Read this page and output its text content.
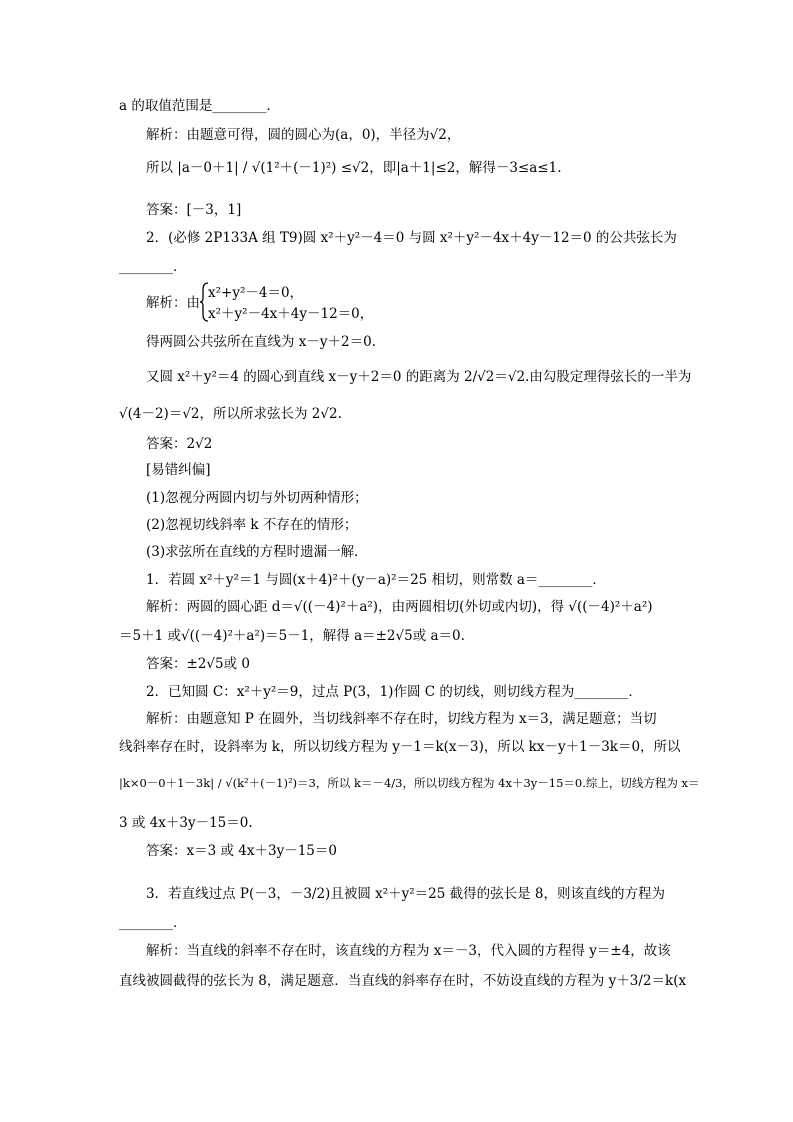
a 的取值范围是________．
解析：由题意可得，圆的圆心为(a，0)，半径为√2，
所以 |a－0＋1| / √(1²＋(－1)²) ≤√2，即|a＋1|≤2，解得－3≤a≤1.
答案：[－3，1]
2．(必修 2P133A 组 T9)圆 x²＋y²－4＝0 与圆 x²＋y²－4x＋4y－12＝0 的公共弦长为
________．
x²+y²－4＝0，
解析：由
x²＋y²－4x＋4y－12＝0，
得两圆公共弦所在直线为 x－y＋2＝0.
又圆 x²＋y²＝4 的圆心到直线 x－y＋2＝0 的距离为 2/√2＝√2.由勾股定理得弦长的一半为
√(4－2)＝√2，所以所求弦长为 2√2.
答案：2√2
[易错纠偏]
(1)忽视分两圆内切与外切两种情形；
(2)忽视切线斜率 k 不存在的情形；
(3)求弦所在直线的方程时遗漏一解．
1．若圆 x²＋y²＝1 与圆(x＋4)²＋(y－a)²＝25 相切，则常数 a＝________．
解析：两圆的圆心距 d＝√((－4)²＋a²)，由两圆相切(外切或内切)，得 √((－4)²＋a²)
＝5＋1 或√((－4)²＋a²)＝5－1，解得 a＝±2√5或 a＝0.
答案：±2√5或 0
2．已知圆 C：x²＋y²＝9，过点 P(3，1)作圆 C 的切线，则切线方程为________．
解析：由题意知 P 在圆外，当切线斜率不存在时，切线方程为 x＝3，满足题意；当切
线斜率存在时，设斜率为 k，所以切线方程为 y－1＝k(x－3)，所以 kx－y＋1－3k＝0，所以
|k×0－0＋1－3k| / √(k²＋(－1)²)＝3，所以 k＝－4/3，所以切线方程为 4x＋3y－15＝0.综上，切线方程为 x＝
3 或 4x＋3y－15＝0.
答案：x＝3 或 4x＋3y－15＝0
3．若直线过点 P(－3，－3/2)且被圆 x²＋y²＝25 截得的弦长是 8，则该直线的方程为
________．
解析：当直线的斜率不存在时，该直线的方程为 x＝－3，代入圆的方程得 y＝±4，故该
直线被圆截得的弦长为 8，满足题意．当直线的斜率存在时，不妨设直线的方程为 y＋3/2＝k(x
